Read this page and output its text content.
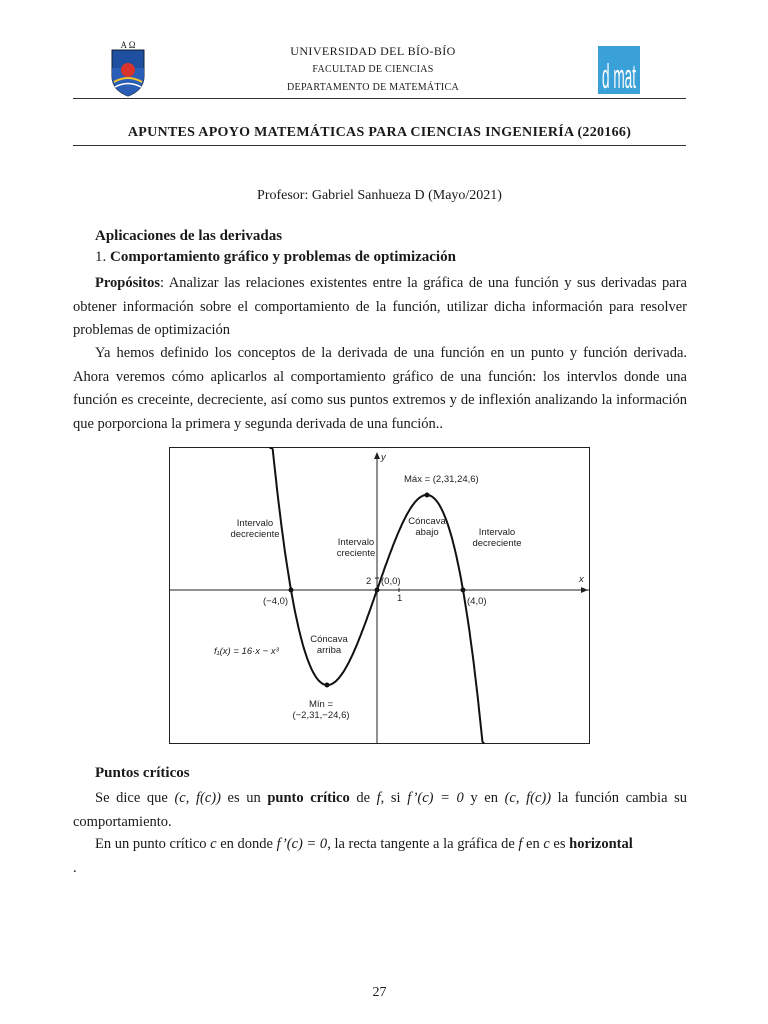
A Ω
d mat
UNIVERSIDAD DEL BÍO-BÍO
FACULTAD DE CIENCIAS
DEPARTAMENTO DE MATEMÁTICA
APUNTES APOYO MATEMÁTICAS PARA CIENCIAS INGENIERÍA (220166)
Profesor: Gabriel Sanhueza D (Mayo/2021)
Aplicaciones de las derivadas
1. Comportamiento gráfico y problemas de optimización
Propósitos: Analizar las relaciones existentes entre la gráfica de una función y sus derivadas para obtener información sobre el comportamiento de la función, utilizar dicha información para resolver problemas de optimización
Ya hemos definido los conceptos de la derivada de una función en un punto y función derivada. Ahora veremos cómo aplicarlos al comportamiento gráfico de una función: los intervlos donde una función es creceinte, decreciente, así como sus puntos extremos y de inflexión analizando la información que porporciona la primera y segunda derivada de una función..
y
x
Máx = (2,31,24,6)
Mín =
(−2,31,−24,6)
(0,0)
2
1
(−4,0)	(4,0)
Intervalo
decreciente
Intervalo
creciente
Intervalo
decreciente
Cóncava
abajo
Cóncava
arriba
f₁(x) = 16·x − x³
Puntos críticos
Se dice que (c, f(c)) es un punto crítico de f, si f’(c) = 0 y en (c, f(c)) la función cambia su comportamiento.
En un punto crítico c en donde f’(c) = 0, la recta tangente a la gráfica de f en c es horizontal
.
27
